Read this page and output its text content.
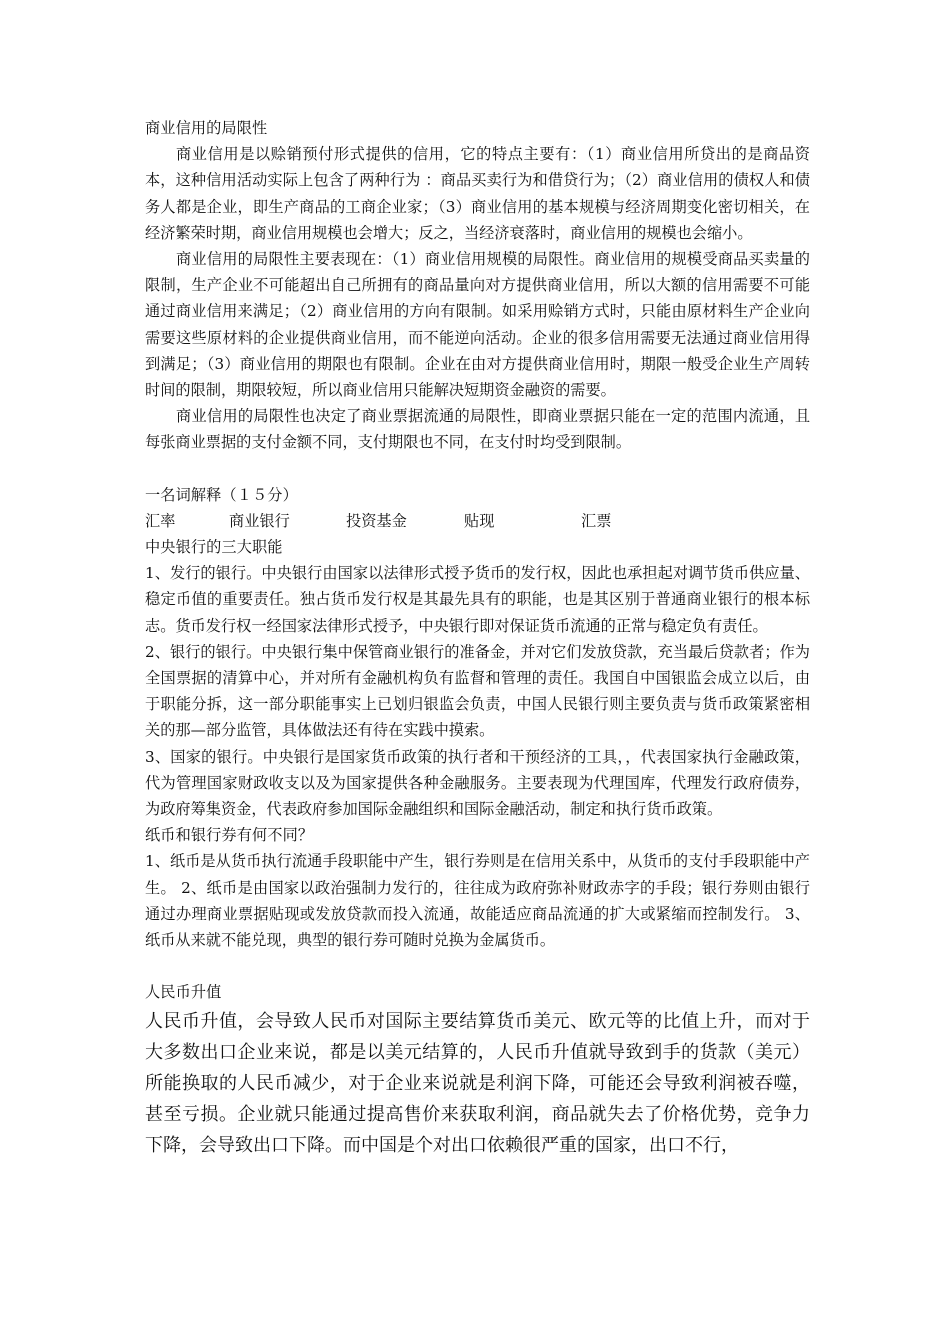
商业信用的局限性

商业信用是以赊销预付形式提供的信用，它的特点主要有：（1）商业信用所贷出的是商品资本，这种信用活动实际上包含了两种行为 ：商品买卖行为和借贷行为；（2）商业信用的债权人和债务人都是企业，即生产商品的工商企业家；（3）商业信用的基本规模与经济周期变化密切相关，在经济繁荣时期，商业信用规模也会增大；反之，当经济衰落时，商业信用的规模也会缩小。

商业信用的局限性主要表现在：（1）商业信用规模的局限性。商业信用的规模受商品买卖量的限制，生产企业不可能超出自己所拥有的商品量向对方提供商业信用，所以大额的信用需要不可能通过商业信用来满足；（2）商业信用的方向有限制。如采用赊销方式时，只能由原材料生产企业向需要这些原材料的企业提供商业信用，而不能逆向活动。企业的很多信用需要无法通过商业信用得到满足；（3）商业信用的期限也有限制。企业在由对方提供商业信用时，期限一般受企业生产周转时间的限制，期限较短，所以商业信用只能解决短期资金融资的需要。

商业信用的局限性也决定了商业票据流通的局限性，即商业票据只能在一定的范围内流通，且每张商业票据的支付金额不同，支付期限也不同，在支付时均受到限制。

一名词解释（１５分）
汇率	商业银行	投资基金	贴现	汇票
中央银行的三大职能

1、发行的银行。中央银行由国家以法律形式授予货币的发行权，因此也承担起对调节货币供应量、稳定币值的重要责任。独占货币发行权是其最先具有的职能，也是其区别于普通商业银行的根本标志。货币发行权一经国家法律形式授予，中央银行即对保证货币流通的正常与稳定负有责任。

2、银行的银行。中央银行集中保管商业银行的准备金，并对它们发放贷款，充当最后贷款者；作为全国票据的清算中心，并对所有金融机构负有监督和管理的责任。我国自中国银监会成立以后，由于职能分拆，这一部分职能事实上已划归银监会负责，中国人民银行则主要负责与货币政策紧密相关的那—部分监管，具体做法还有待在实践中摸索。

3、国家的银行。中央银行是国家货币政策的执行者和干预经济的工具，，代表国家执行金融政策，代为管理国家财政收支以及为国家提供各种金融服务。主要表现为代理国库，代理发行政府债券，为政府筹集资金，代表政府参加国际金融组织和国际金融活动，制定和执行货币政策。

纸币和银行券有何不同？

1、纸币是从货币执行流通手段职能中产生，银行券则是在信用关系中，从货币的支付手段职能中产生。 2、纸币是由国家以政治强制力发行的，往往成为政府弥补财政赤字的手段；银行券则由银行通过办理商业票据贴现或发放贷款而投入流通，故能适应商品流通的扩大或紧缩而控制发行。 3、纸币从来就不能兑现，典型的银行券可随时兑换为金属货币。

人民币升值

人民币升值，会导致人民币对国际主要结算货币美元、欧元等的比值上升，而对于大多数出口企业来说，都是以美元结算的，人民币升值就导致到手的货款（美元）所能换取的人民币减少，对于企业来说就是利润下降，可能还会导致利润被吞噬，甚至亏损。企业就只能通过提高售价来获取利润，商品就失去了价格优势，竞争力下降，会导致出口下降。而中国是个对出口依赖很严重的国家，出口不行，
